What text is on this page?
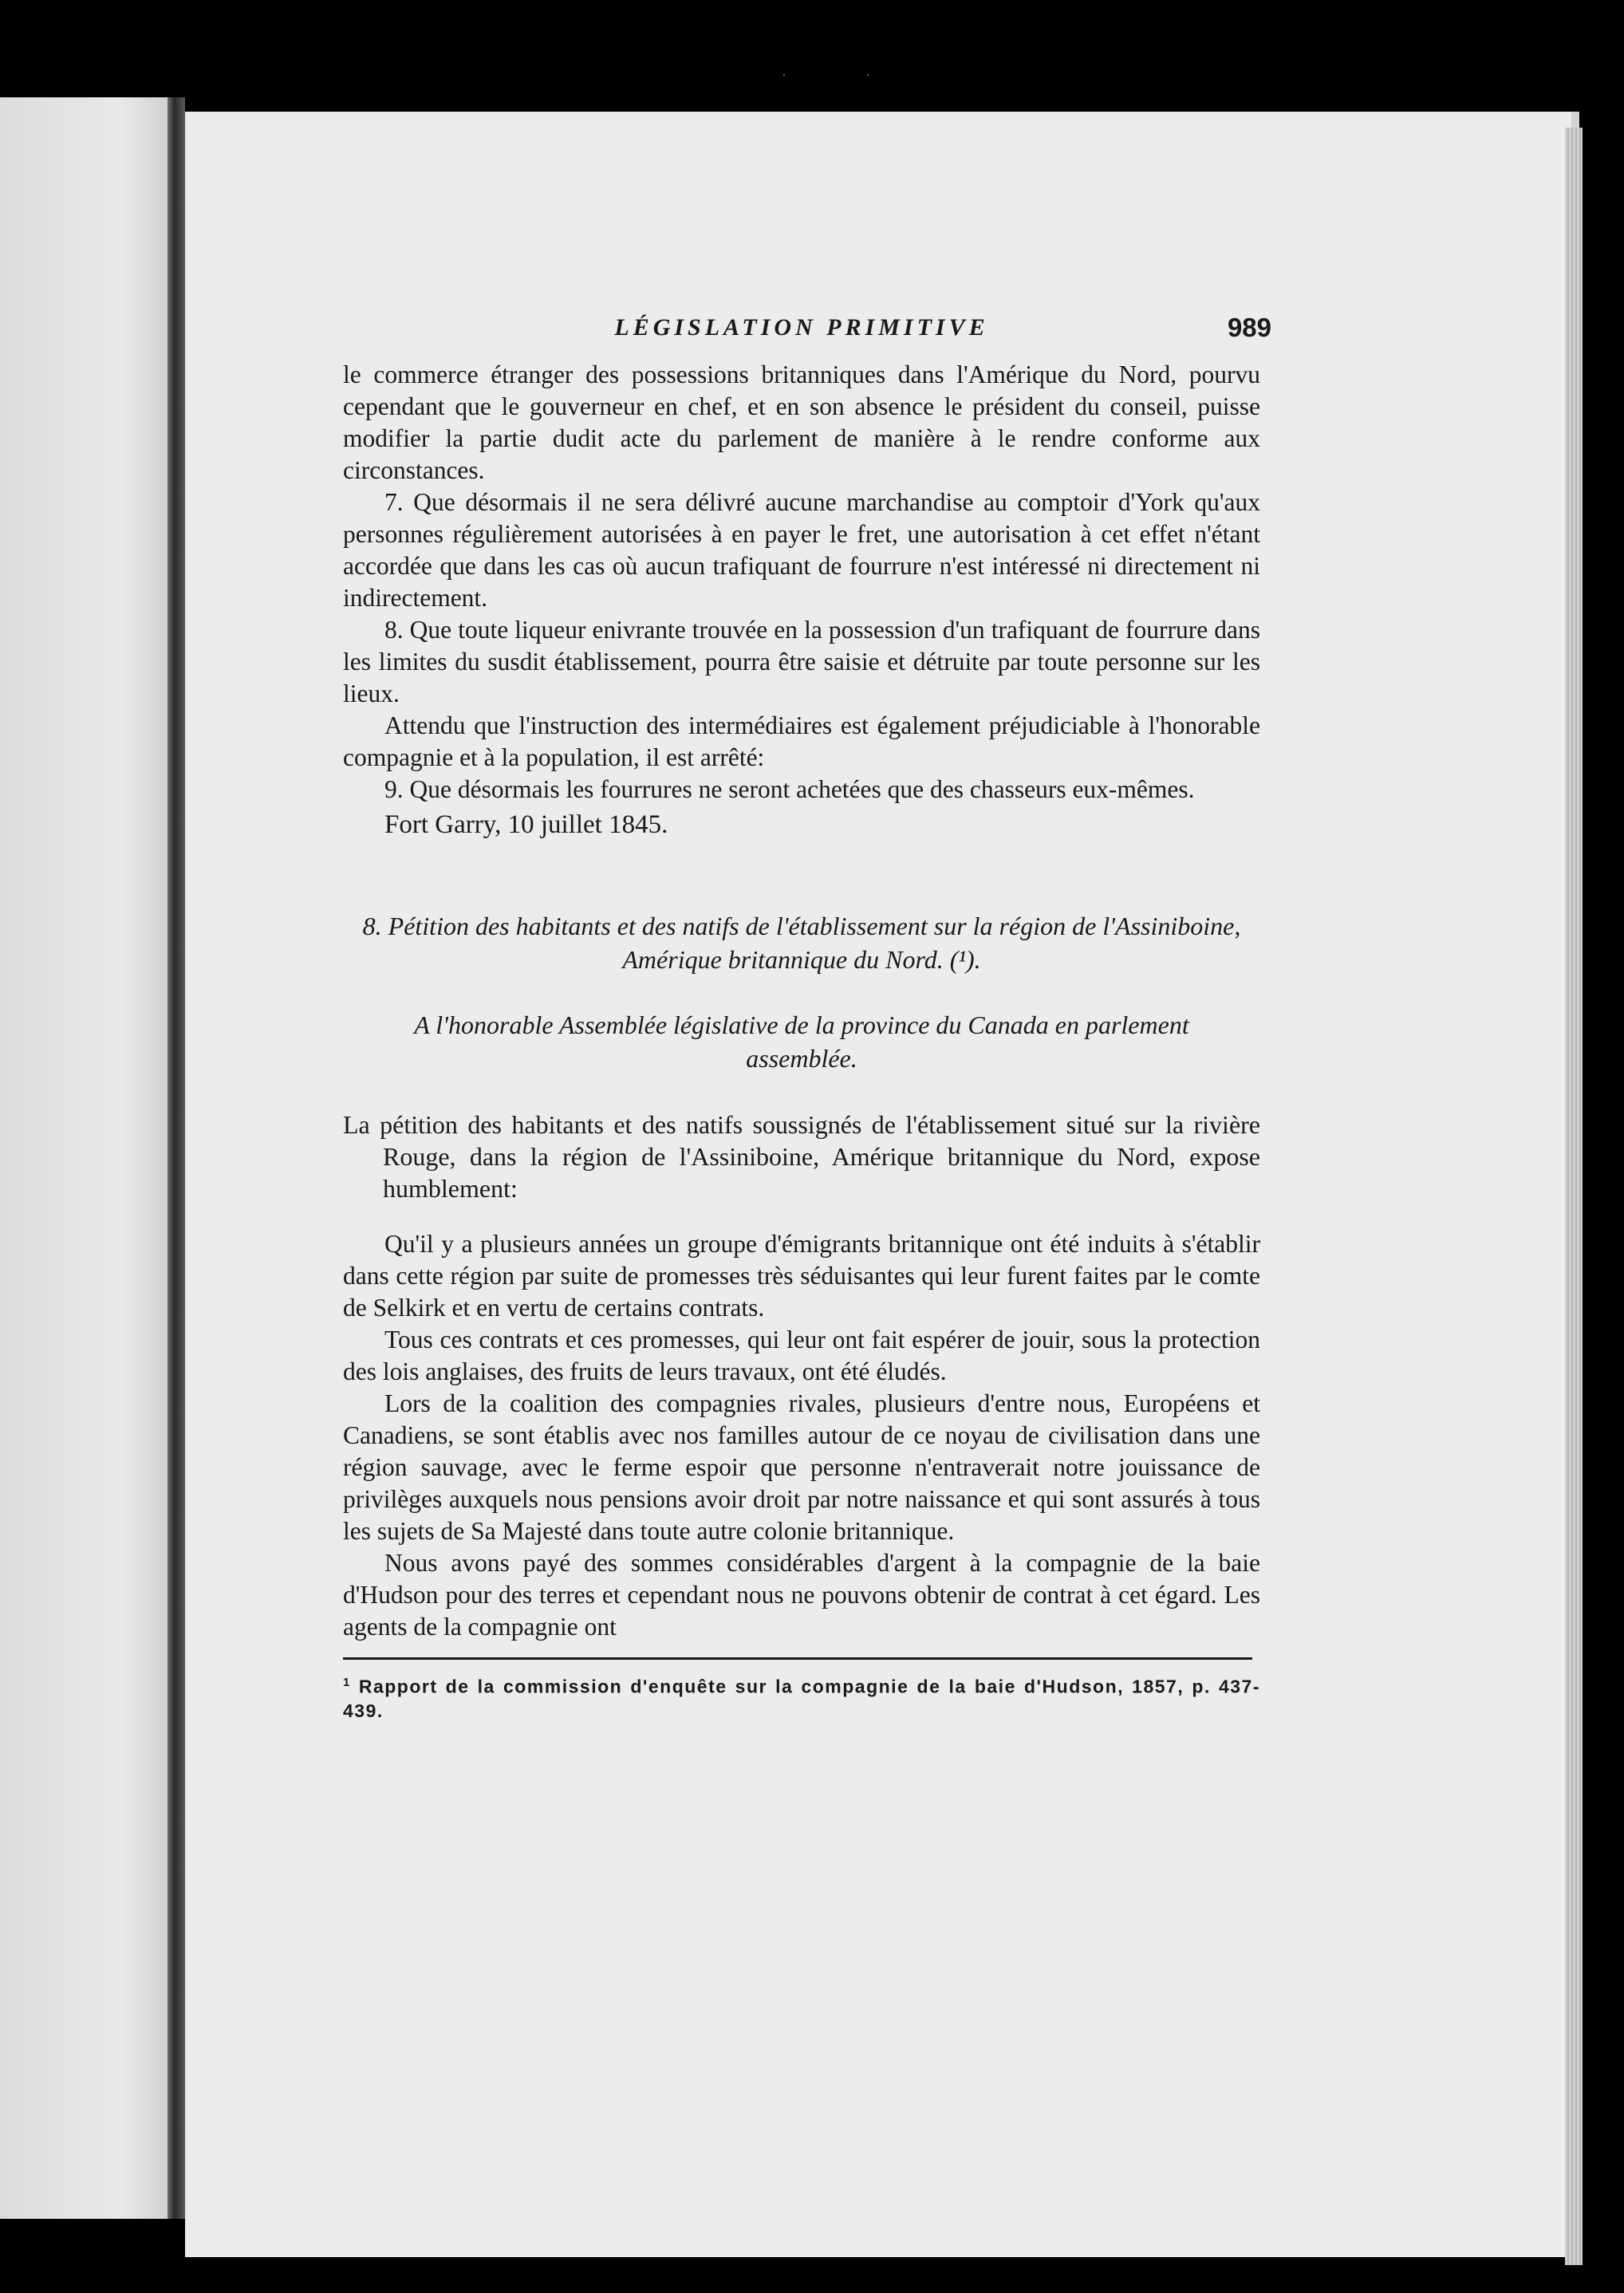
·                      ·
LÉGISLATION PRIMITIVE	989

le commerce étranger des possessions britanniques dans l'Amérique du Nord, pourvu cependant que le gouverneur en chef, et en son absence le président du conseil, puisse modifier la partie dudit acte du parlement de manière à le rendre conforme aux circonstances.

7. Que désormais il ne sera délivré aucune marchandise au comptoir d'York qu'aux personnes régulièrement autorisées à en payer le fret, une autorisation à cet effet n'étant accordée que dans les cas où aucun trafiquant de fourrure n'est intéressé ni directement ni indirectement.

8. Que toute liqueur enivrante trouvée en la possession d'un trafiquant de fourrure dans les limites du susdit établissement, pourra être saisie et détruite par toute personne sur les lieux.

Attendu que l'instruction des intermédiaires est également préjudiciable à l'honorable compagnie et à la population, il est arrêté:

9. Que désormais les fourrures ne seront achetées que des chasseurs eux-mêmes.

Fort Garry, 10 juillet 1845.

8. Pétition des habitants et des natifs de l'établissement sur la région de l'Assiniboine, Amérique britannique du Nord. (¹).
A l'honorable Assemblée législative de la province du Canada en parlement assemblée.

La pétition des habitants et des natifs soussignés de l'établissement situé sur la rivière Rouge, dans la région de l'Assiniboine, Amérique britannique du Nord, expose humblement:

Qu'il y a plusieurs années un groupe d'émigrants britannique ont été induits à s'établir dans cette région par suite de promesses très séduisantes qui leur furent faites par le comte de Selkirk et en vertu de certains contrats.

Tous ces contrats et ces promesses, qui leur ont fait espérer de jouir, sous la protection des lois anglaises, des fruits de leurs travaux, ont été éludés.

Lors de la coalition des compagnies rivales, plusieurs d'entre nous, Européens et Canadiens, se sont établis avec nos familles autour de ce noyau de civilisation dans une région sauvage, avec le ferme espoir que personne n'entraverait notre jouissance de privilèges auxquels nous pensions avoir droit par notre naissance et qui sont assurés à tous les sujets de Sa Majesté dans toute autre colonie britannique.

Nous avons payé des sommes considérables d'argent à la compagnie de la baie d'Hudson pour des terres et cependant nous ne pouvons obtenir de contrat à cet égard. Les agents de la compagnie ont

$^1$ Rapport de la commission d'enquête sur la compagnie de la baie d'Hudson, 1857, p. 437-439.
